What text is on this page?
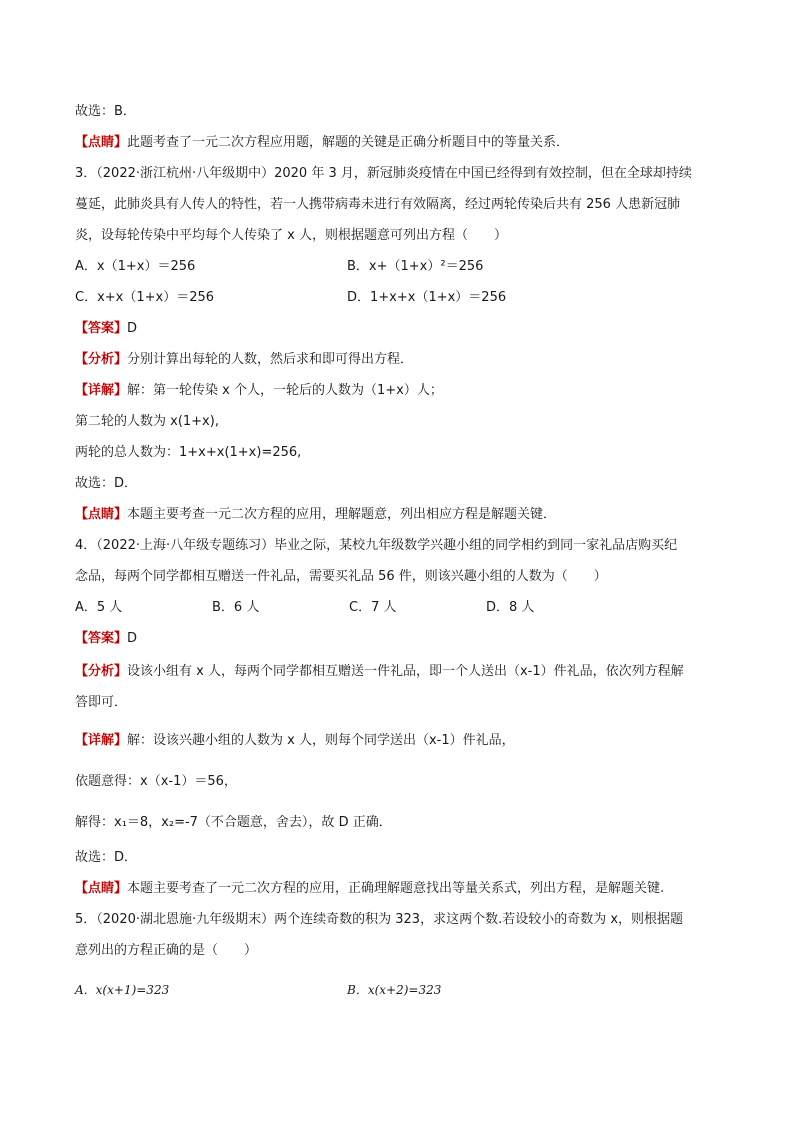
故选：B．
【点睛】此题考查了一元二次方程应用题，解题的关键是正确分析题目中的等量关系．
3．（2022·浙江杭州·八年级期中）2020 年 3 月，新冠肺炎疫情在中国已经得到有效控制，但在全球却持续
蔓延，此肺炎具有人传人的特性，若一人携带病毒未进行有效隔离，经过两轮传染后共有 256 人患新冠肺
炎，设每轮传染中平均每个人传染了 x 人，则根据题意可列出方程（　　）
A．x（1+x）＝256	B．x+（1+x）²＝256
C．x+x（1+x）＝256	D．1+x+x（1+x）＝256
【答案】D
【分析】分别计算出每轮的人数，然后求和即可得出方程．
【详解】解：第一轮传染 x 个人，一轮后的人数为（1+x）人；
第二轮的人数为 x(1+x),
两轮的总人数为：1+x+x(1+x)=256,
故选：D．
【点睛】本题主要考查一元二次方程的应用，理解题意，列出相应方程是解题关键．
4．（2022·上海·八年级专题练习）毕业之际，某校九年级数学兴趣小组的同学相约到同一家礼品店购买纪
念品，每两个同学都相互赠送一件礼品，需要买礼品 56 件，则该兴趣小组的人数为（　　）
A．5 人	B．6 人	C．7 人	D．8 人
【答案】D
【分析】设该小组有 x 人，每两个同学都相互赠送一件礼品，即一个人送出（x-1）件礼品，依次列方程解
答即可．
【详解】解：设该兴趣小组的人数为 x 人，则每个同学送出（x-1）件礼品，
依题意得：x（x-1）＝56，
解得：x₁＝8，x₂=-7（不合题意，舍去），故 D 正确．
故选：D．
【点睛】本题主要考查了一元二次方程的应用，正确理解题意找出等量关系式，列出方程，是解题关键.
5．（2020·湖北恩施·九年级期末）两个连续奇数的积为 323，求这两个数.若设较小的奇数为 x，则根据题
意列出的方程正确的是（　　）
A．x(x+1)=323	B．x(x+2)=323
